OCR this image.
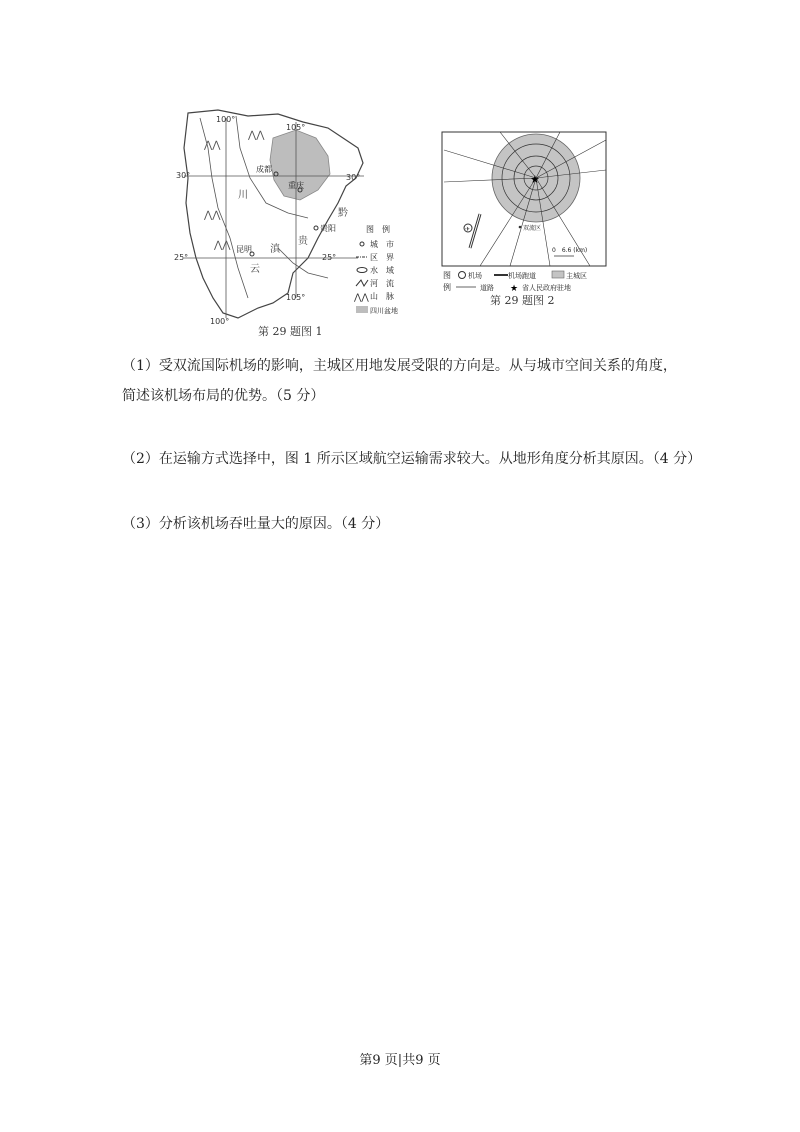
⋀⋀
⋀⋀
⋀⋀
⋀⋀
100°
105°
100°
105°
30°	30°
25°	25°
成都
重庆
贵阳
昆明
川
黔
滇
云
贵
图　例
城　市
区　界
水　域
河　流
⋀⋀ 山　脉
四川盆地
第 29 题图 1
★
✈	双流区
0　6.6 (km)
图
例
机场	机场跑道	主城区
道路 ★ 省人民政府驻地
第 29 题图 2
（1）受双流国际机场的影响，主城区用地发展受限的方向是。从与城市空间关系的角度，
简述该机场布局的优势。（5 分）
（2）在运输方式选择中，图 1 所示区域航空运输需求较大。从地形角度分析其原因。（4 分）
（3）分析该机场吞吐量大的原因。（4 分）
第9 页|共9 页
